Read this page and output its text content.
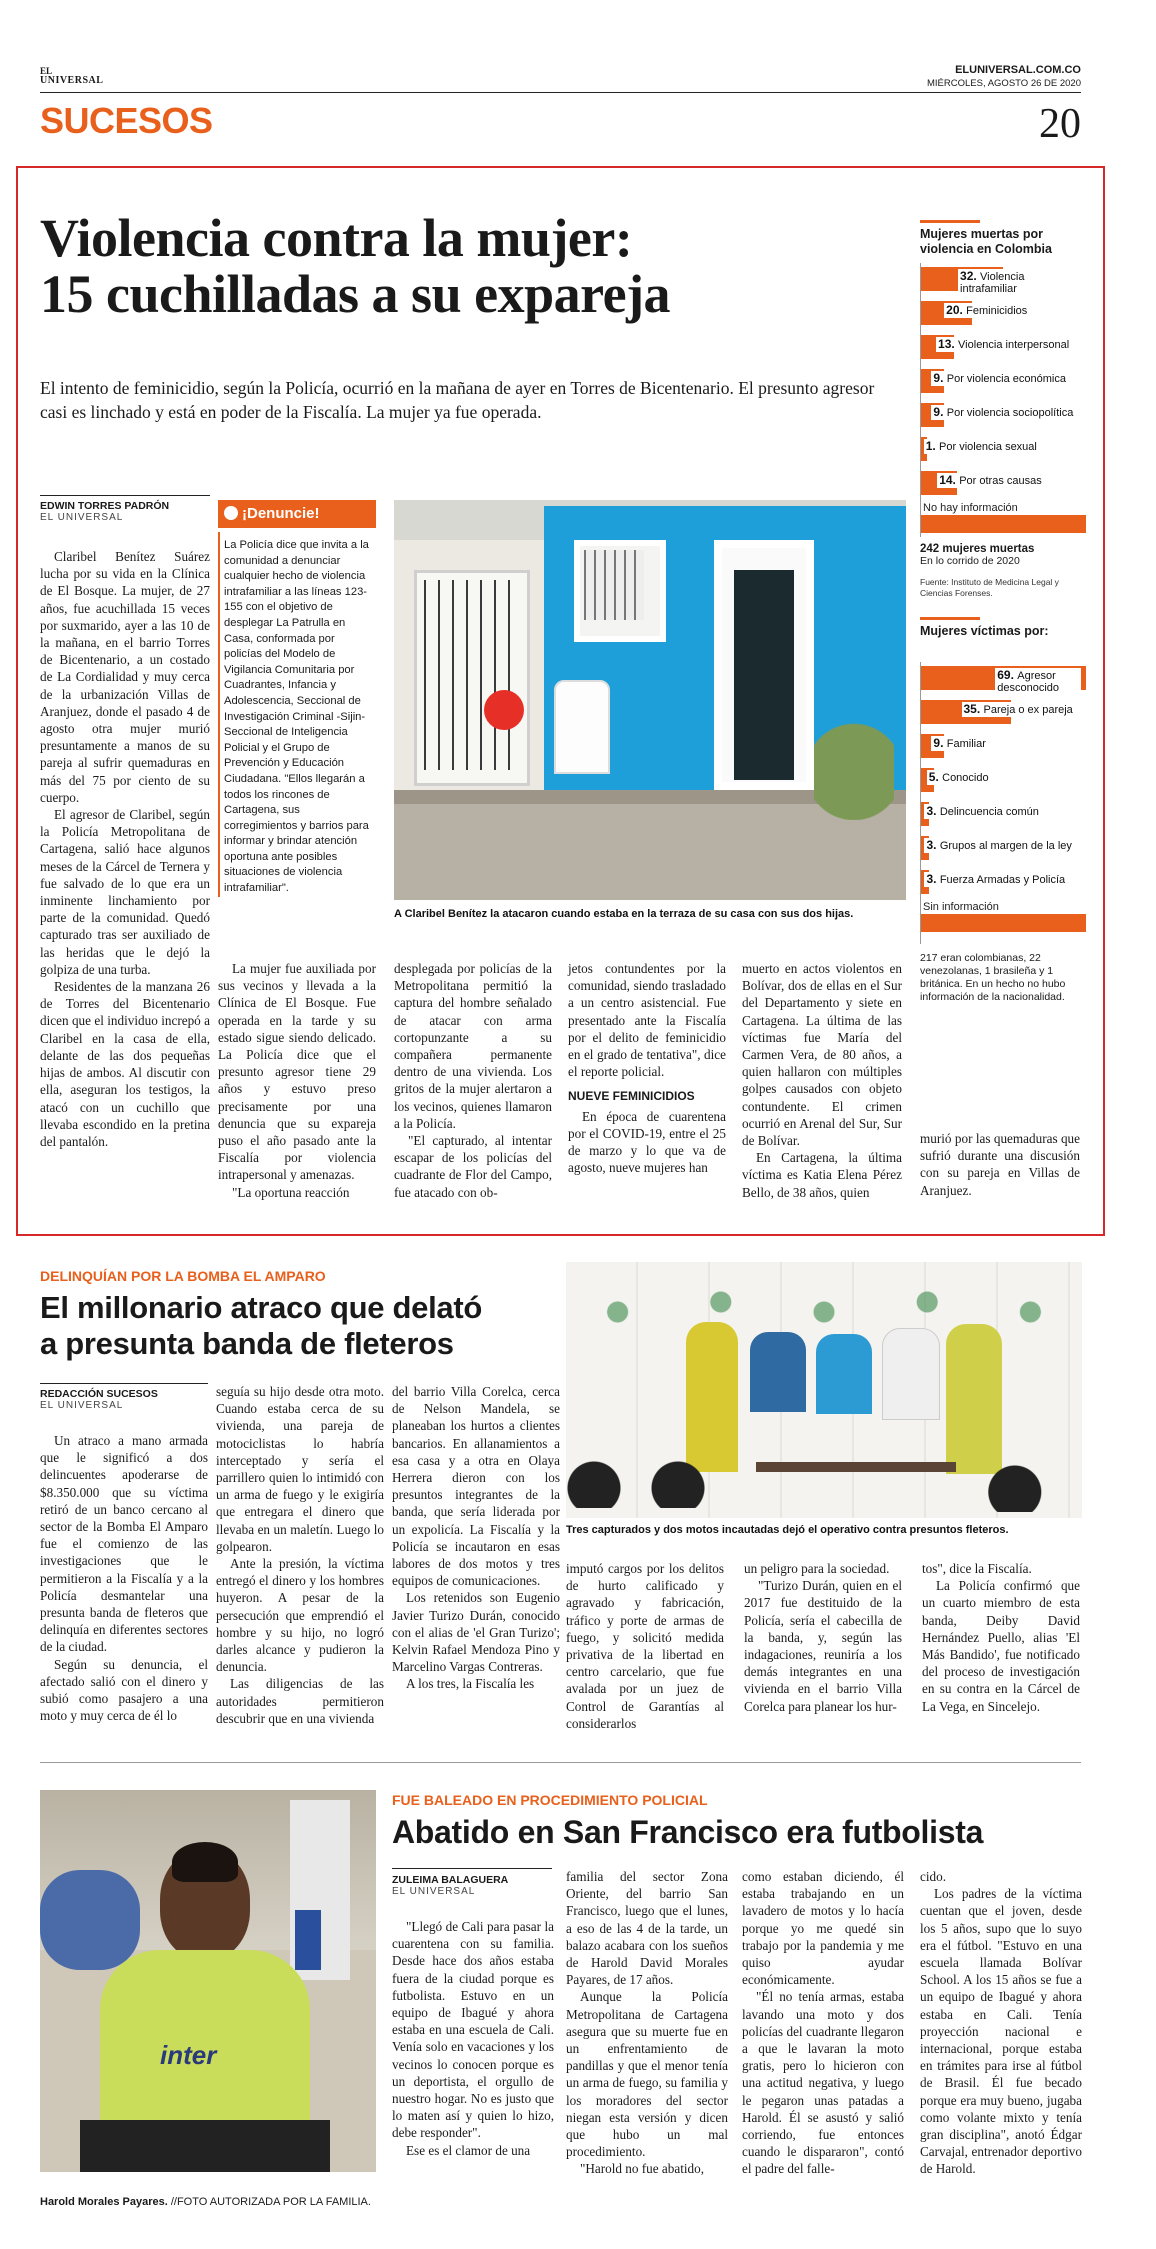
EL
UNIVERSAL
ELUNIVERSAL.COM.CO
MIÉRCOLES, AGOSTO 26 DE 2020
SUCESOS	20
Violencia contra la mujer:
15 cuchilladas a su expareja
El intento de feminicidio, según la Policía, ocurrió en la mañana de ayer en Torres de Bicentenario. El presunto agresor casi es linchado y está en poder de la Fiscalía. La mujer ya fue operada.
EDWIN TORRES PADRÓN
EL UNIVERSAL

Claribel Benítez Suárez lucha por su vida en la Clínica de El Bosque. La mujer, de 27 años, fue acuchillada 15 veces por suxmarido, ayer a las 10 de la mañana, en el barrio Torres de Bicentenario, a un costado de La Cordialidad y muy cerca de la urbanización Villas de Aranjuez, donde el pasado 4 de agosto otra mujer murió presuntamente a manos de su pareja al sufrir quemaduras en más del 75 por ciento de su cuerpo.

El agresor de Claribel, según la Policía Metropolitana de Cartagena, salió hace algunos meses de la Cárcel de Ternera y fue salvado de lo que era un inminente linchamiento por parte de la comunidad. Quedó capturado tras ser auxiliado de las heridas que le dejó la golpiza de una turba.

Residentes de la manzana 26 de Torres del Bicentenario dicen que el individuo increpó a Claribel en la casa de ella, delante de las dos pequeñas hijas de ambos. Al discutir con ella, aseguran los testigos, la atacó con un cuchillo que llevaba escondido en la pretina del pantalón.

¡Denuncie!
La Policía dice que invita a la comunidad a denunciar cualquier hecho de violencia intrafamiliar a las líneas 123-155 con el objetivo de desplegar La Patrulla en Casa, conformada por policías del Modelo de Vigilancia Comunitaria por Cuadrantes, Infancia y Adolescencia, Seccional de Investigación Criminal -Sijin- Seccional de Inteligencia Policial y el Grupo de Prevención y Educación Ciudadana. "Ellos llegarán a todos los rincones de Cartagena, sus corregimientos y barrios para informar y brindar atención oportuna ante posibles situaciones de violencia intrafamiliar".
A Claribel Benítez la atacaron cuando estaba en la terraza de su casa con sus dos hijas.

La mujer fue auxiliada por sus vecinos y llevada a la Clínica de El Bosque. Fue operada en la tarde y su estado sigue siendo delicado. La Policía dice que el presunto agresor tiene 29 años y estuvo preso precisamente por una denuncia que su expareja puso el año pasado ante la Fiscalía por violencia intrapersonal y amenazas.

"La oportuna reacción

desplegada por policías de la Metropolitana permitió la captura del hombre señalado de atacar con arma cortopunzante a su compañera permanente dentro de una vivienda. Los gritos de la mujer alertaron a los vecinos, quienes llamaron a la Policía.

"El capturado, al intentar escapar de los policías del cuadrante de Flor del Campo, fue atacado con ob-

jetos contundentes por la comunidad, siendo trasladado a un centro asistencial. Fue presentado ante la Fiscalía por el delito de feminicidio en el grado de tentativa", dice el reporte policial.

NUEVE FEMINICIDIOS

En época de cuarentena por el COVID-19, entre el 25 de marzo y lo que va de agosto, nueve mujeres han

muerto en actos violentos en Bolívar, dos de ellas en el Sur del Departamento y siete en Cartagena. La última de las víctimas fue María del Carmen Vera, de 80 años, a quien hallaron con múltiples golpes causados con objeto contundente. El crimen ocurrió en Arenal del Sur, Sur de Bolívar.

En Cartagena, la última víctima es Katia Elena Pérez Bello, de 38 años, quien

murió por las quemaduras que sufrió durante una discusión con su pareja en Villas de Aranjuez.

Mujeres muertas por violencia en Colombia
32. Violencia intrafamiliar
20. Feminicidios
13. Violencia interpersonal
9. Por violencia económica
9. Por violencia sociopolítica
1. Por violencia sexual
14. Por otras causas
No hay información
144
242 mujeres muertas
En lo corrido de 2020
Fuente: Instituto de Medicina Legal y Ciencias Forenses.
Mujeres víctimas por:
69. Agresor desconocido
35. Pareja o ex pareja
9. Familiar
5. Conocido
3. Delincuencia común
3. Grupos al margen de la ley
3. Fuerza Armadas y Policía
Sin información
115
217 eran colombianas, 22 venezolanas, 1 brasileña y 1 británica. En un hecho no hubo información de la nacionalidad.
DELINQUÍAN POR LA BOMBA EL AMPARO
El millonario atraco que delató
a presunta banda de fleteros
REDACCIÓN SUCESOS
EL UNIVERSAL

Un atraco a mano armada que le significó a dos delincuentes apoderarse de $8.350.000 que su víctima retiró de un banco cercano al sector de la Bomba El Amparo fue el comienzo de las investigaciones que le permitieron a la Fiscalía y a la Policía desmantelar una presunta banda de fleteros que delinquía en diferentes sectores de la ciudad.

Según su denuncia, el afectado salió con el dinero y subió como pasajero a una moto y muy cerca de él lo

seguía su hijo desde otra moto. Cuando estaba cerca de su vivienda, una pareja de motociclistas lo habría interceptado y sería el parrillero quien lo intimidó con un arma de fuego y le exigiría que entregara el dinero que llevaba en un maletín. Luego lo golpearon.

Ante la presión, la víctima entregó el dinero y los hombres huyeron. A pesar de la persecución que emprendió el hombre y su hijo, no logró darles alcance y pudieron la denuncia.

Las diligencias de las autoridades permitieron descubrir que en una vivienda

del barrio Villa Corelca, cerca de Nelson Mandela, se planeaban los hurtos a clientes bancarios. En allanamientos a esa casa y a otra en Olaya Herrera dieron con los presuntos integrantes de la banda, que sería liderada por un expolicía. La Fiscalía y la Policía se incautaron en esas labores de dos motos y tres equipos de comunicaciones.

Los retenidos son Eugenio Javier Turizo Durán, conocido con el alias de 'el Gran Turizo'; Kelvin Rafael Mendoza Pino y Marcelino Vargas Contreras.

A los tres, la Fiscalía les

Tres capturados y dos motos incautadas dejó el operativo contra presuntos fleteros.

imputó cargos por los delitos de hurto calificado y agravado y fabricación, tráfico y porte de armas de fuego, y solicitó medida privativa de la libertad en centro carcelario, que fue avalada por un juez de Control de Garantías al considerarlos

un peligro para la sociedad.

"Turizo Durán, quien en el 2017 fue destituido de la Policía, sería el cabecilla de la banda, y, según las indagaciones, reuniría a los demás integrantes en una vivienda en el barrio Villa Corelca para planear los hur-

tos", dice la Fiscalía.

La Policía confirmó que un cuarto miembro de esta banda, Deiby David Hernández Puello, alias 'El Más Bandido', fue notificado del proceso de investigación en su contra en la Cárcel de La Vega, en Sincelejo.

inter
Harold Morales Payares. //FOTO AUTORIZADA POR LA FAMILIA.
FUE BALEADO EN PROCEDIMIENTO POLICIAL
Abatido en San Francisco era futbolista
ZULEIMA BALAGUERA
EL UNIVERSAL

"Llegó de Cali para pasar la cuarentena con su familia. Desde hace dos años estaba fuera de la ciudad porque es futbolista. Estuvo en un equipo de Ibagué y ahora estaba en una escuela de Cali. Venía solo en vacaciones y los vecinos lo conocen porque es un deportista, el orgullo de nuestro hogar. No es justo que lo maten así y quien lo hizo, debe responder".

Ese es el clamor de una

familia del sector Zona Oriente, del barrio San Francisco, luego que el lunes, a eso de las 4 de la tarde, un balazo acabara con los sueños de Harold David Morales Payares, de 17 años.

Aunque la Policía Metropolitana de Cartagena asegura que su muerte fue en un enfrentamiento de pandillas y que el menor tenía un arma de fuego, su familia y los moradores del sector niegan esta versión y dicen que hubo un mal procedimiento.

"Harold no fue abatido,

como estaban diciendo, él estaba trabajando en un lavadero de motos y lo hacía porque yo me quedé sin trabajo por la pandemia y me quiso ayudar económicamente.

"Él no tenía armas, estaba lavando una moto y dos policías del cuadrante llegaron a que le lavaran la moto gratis, pero lo hicieron con una actitud negativa, y luego le pegaron unas patadas a Harold. Él se asustó y salió corriendo, fue entonces cuando le dispararon", contó el padre del falle-

cido.

Los padres de la víctima cuentan que el joven, desde los 5 años, supo que lo suyo era el fútbol. "Estuvo en una escuela llamada Bolívar School. A los 15 años se fue a un equipo de Ibagué y ahora estaba en Cali. Tenía proyección nacional e internacional, porque estaba en trámites para irse al fútbol de Brasil. Él fue becado porque era muy bueno, jugaba como volante mixto y tenía gran disciplina", anotó Édgar Carvajal, entrenador deportivo de Harold.
